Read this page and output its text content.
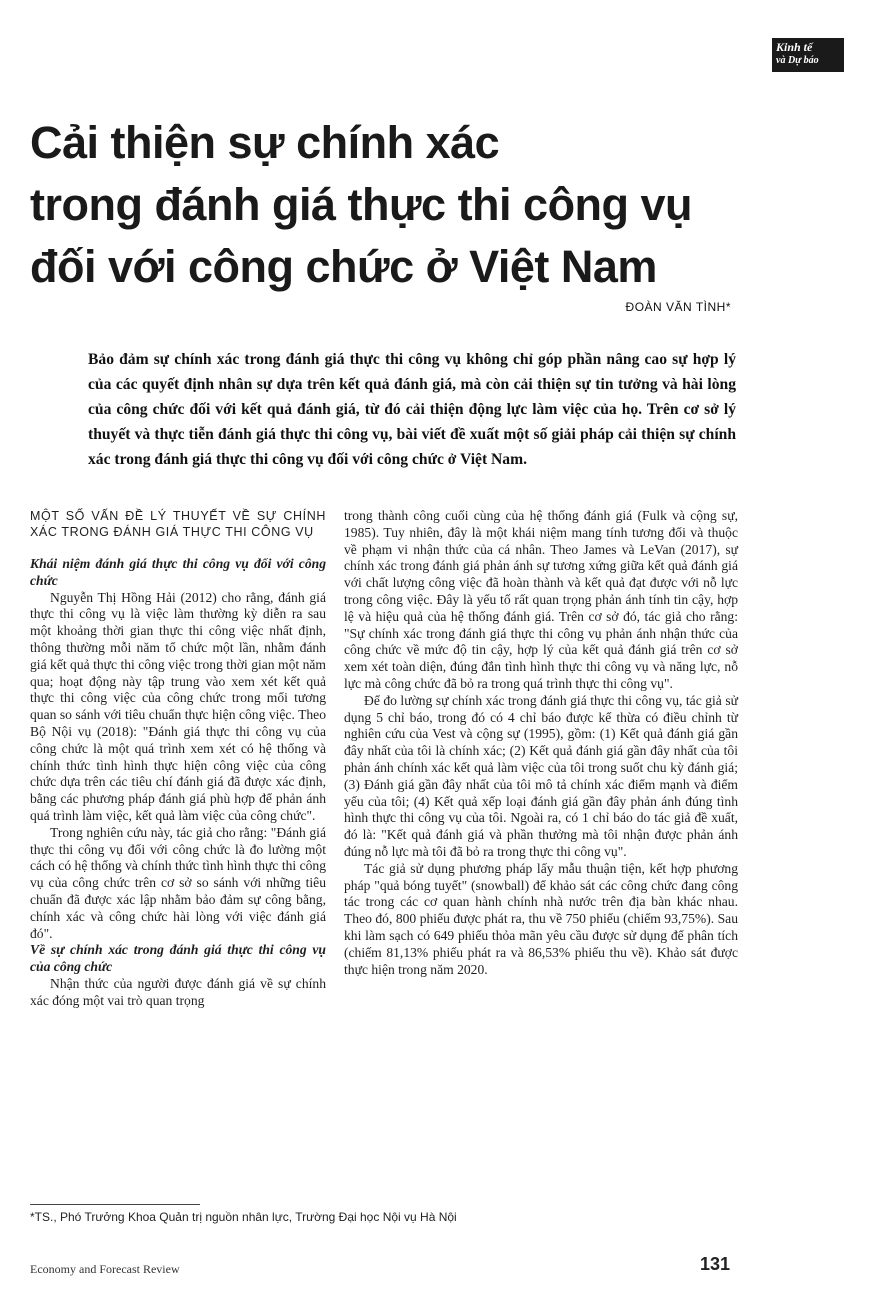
Kinh tế
và Dự báo
Cải thiện sự chính xác
trong đánh giá thực thi công vụ
đối với công chức ở Việt Nam
ĐOÀN VĂN TÌNH*
Bảo đảm sự chính xác trong đánh giá thực thi công vụ không chỉ góp phần nâng cao sự hợp lý của các quyết định nhân sự dựa trên kết quả đánh giá, mà còn cải thiện sự tin tưởng và hài lòng của công chức đối với kết quả đánh giá, từ đó cải thiện động lực làm việc của họ. Trên cơ sở lý thuyết và thực tiễn đánh giá thực thi công vụ, bài viết đề xuất một số giải pháp cải thiện sự chính xác trong đánh giá thực thi công vụ đối với công chức ở Việt Nam.
MỘT SỐ VẤN ĐỀ LÝ THUYẾT VỀ SỰ CHÍNH XÁC TRONG ĐÁNH GIÁ THỰC THI CÔNG VỤ

Khái niệm đánh giá thực thi công vụ đối với công chức

Nguyễn Thị Hồng Hải (2012) cho rằng, đánh giá thực thi công vụ là việc làm thường kỳ diễn ra sau một khoảng thời gian thực thi công việc nhất định, thông thường mỗi năm tổ chức một lần, nhằm đánh giá kết quả thực thi công việc trong thời gian một năm qua; hoạt động này tập trung vào xem xét kết quả thực thi công việc của công chức trong mối tương quan so sánh với tiêu chuẩn thực hiện công việc. Theo Bộ Nội vụ (2018): "Đánh giá thực thi công vụ của công chức là một quá trình xem xét có hệ thống và chính thức tình hình thực hiện công việc của công chức dựa trên các tiêu chí đánh giá đã được xác định, bằng các phương pháp đánh giá phù hợp để phản ánh quá trình làm việc, kết quả làm việc của công chức".

Trong nghiên cứu này, tác giả cho rằng: "Đánh giá thực thi công vụ đối với công chức là đo lường một cách có hệ thống và chính thức tình hình thực thi công vụ của công chức trên cơ sở so sánh với những tiêu chuẩn đã được xác lập nhằm bảo đảm sự công bằng, chính xác và công chức hài lòng với việc đánh giá đó".

Về sự chính xác trong đánh giá thực thi công vụ của công chức

Nhận thức của người được đánh giá về sự chính xác đóng một vai trò quan trọng

trong thành công cuối cùng của hệ thống đánh giá (Fulk và cộng sự, 1985). Tuy nhiên, đây là một khái niệm mang tính tương đối và thuộc về phạm vi nhận thức của cá nhân. Theo James và LeVan (2017), sự chính xác trong đánh giá phản ánh sự tương xứng giữa kết quả đánh giá với chất lượng công việc đã hoàn thành và kết quả đạt được với nỗ lực trong công việc. Đây là yếu tố rất quan trọng phản ánh tính tin cậy, hợp lệ và hiệu quả của hệ thống đánh giá. Trên cơ sở đó, tác giả cho rằng: "Sự chính xác trong đánh giá thực thi công vụ phản ánh nhận thức của công chức về mức độ tin cậy, hợp lý của kết quả đánh giá trên cơ sở xem xét toàn diện, đúng đắn tình hình thực thi công vụ và năng lực, nỗ lực mà công chức đã bỏ ra trong quá trình thực thi công vụ".

Để đo lường sự chính xác trong đánh giá thực thi công vụ, tác giả sử dụng 5 chỉ báo, trong đó có 4 chỉ báo được kế thừa có điều chỉnh từ nghiên cứu của Vest và cộng sự (1995), gồm: (1) Kết quả đánh giá gần đây nhất của tôi là chính xác; (2) Kết quả đánh giá gần đây nhất của tôi phản ánh chính xác kết quả làm việc của tôi trong suốt chu kỳ đánh giá; (3) Đánh giá gần đây nhất của tôi mô tả chính xác điểm mạnh và điểm yếu của tôi; (4) Kết quả xếp loại đánh giá gần đây phản ánh đúng tình hình thực thi công vụ của tôi. Ngoài ra, có 1 chỉ báo do tác giả đề xuất, đó là: "Kết quả đánh giá và phần thưởng mà tôi nhận được phản ánh đúng nỗ lực mà tôi đã bỏ ra trong thực thi công vụ".

Tác giả sử dụng phương pháp lấy mẫu thuận tiện, kết hợp phương pháp "quả bóng tuyết" (snowball) để khảo sát các công chức đang công tác trong các cơ quan hành chính nhà nước trên địa bàn khác nhau. Theo đó, 800 phiếu được phát ra, thu về 750 phiếu (chiếm 93,75%). Sau khi làm sạch có 649 phiếu thỏa mãn yêu cầu được sử dụng để phân tích (chiếm 81,13% phiếu phát ra và 86,53% phiếu thu về). Khảo sát được thực hiện trong năm 2020.

*TS., Phó Trưởng Khoa Quản trị nguồn nhân lực, Trường Đại học Nội vụ Hà Nội
Economy and Forecast Review	131
